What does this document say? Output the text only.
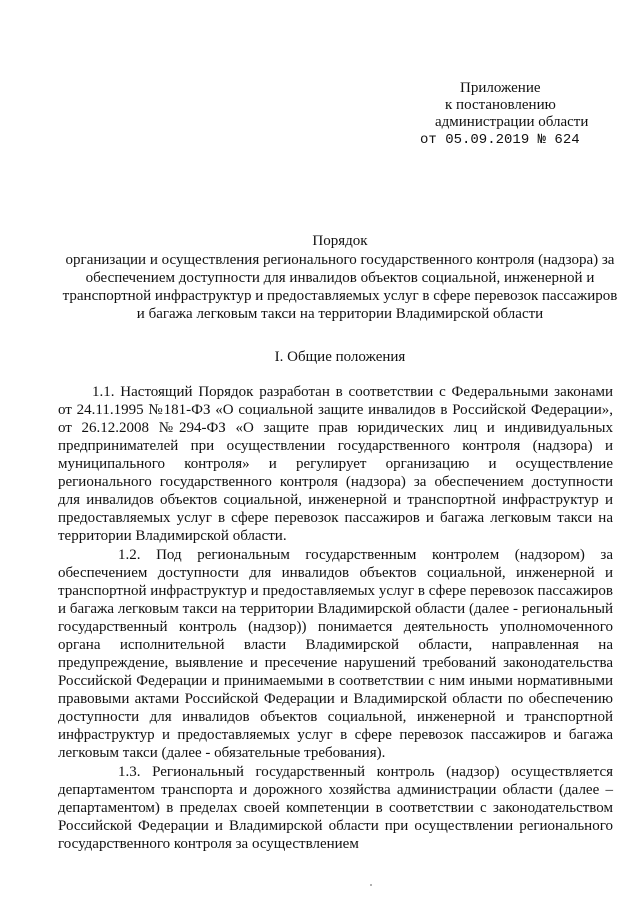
Приложение
к постановлению
администрации области
от 05.09.2019 № 624
Порядок
организации и осуществления регионального государственного контроля (надзора) за обеспечением доступности для инвалидов объектов социальной, инженерной и транспортной инфраструктур и предоставляемых услуг в сфере перевозок пассажиров и багажа легковым такси на территории Владимирской области
I. Общие положения

1.1. Настоящий Порядок разработан в соответствии с Федеральными законами от 24.11.1995 №181-ФЗ «О социальной защите инвалидов в Российской Федерации», от 26.12.2008 №294-ФЗ «О защите прав юридических лиц и индивидуальных предпринимателей при осуществлении государственного контроля (надзора) и муниципального контроля» и регулирует организацию и осуществление регионального государственного контроля (надзора) за обеспечением доступности для инвалидов объектов социальной, инженерной и транспортной инфраструктур и предоставляемых услуг в сфере перевозок пассажиров и багажа легковым такси на территории Владимирской области.

1.2. Под региональным государственным контролем (надзором) за обеспечением доступности для инвалидов объектов социальной, инженерной и транспортной инфраструктур и предоставляемых услуг в сфере перевозок пассажиров и багажа легковым такси на территории Владимирской области (далее - региональный государственный контроль (надзор)) понимается деятельность уполномоченного органа исполнительной власти Владимирской области, направленная на предупреждение, выявление и пресечение нарушений требований законодательства Российской Федерации и принимаемыми в соответствии с ним иными нормативными правовыми актами Российской Федерации и Владимирской области по обеспечению доступности для инвалидов объектов социальной, инженерной и транспортной инфраструктур и предоставляемых услуг в сфере перевозок пассажиров и багажа легковым такси (далее - обязательные требования).

1.3. Региональный государственный контроль (надзор) осуществляется департаментом транспорта и дорожного хозяйства администрации области (далее – департаментом) в пределах своей компетенции в соответствии с законодательством Российской Федерации и Владимирской области при осуществлении регионального государственного контроля за осуществлением
